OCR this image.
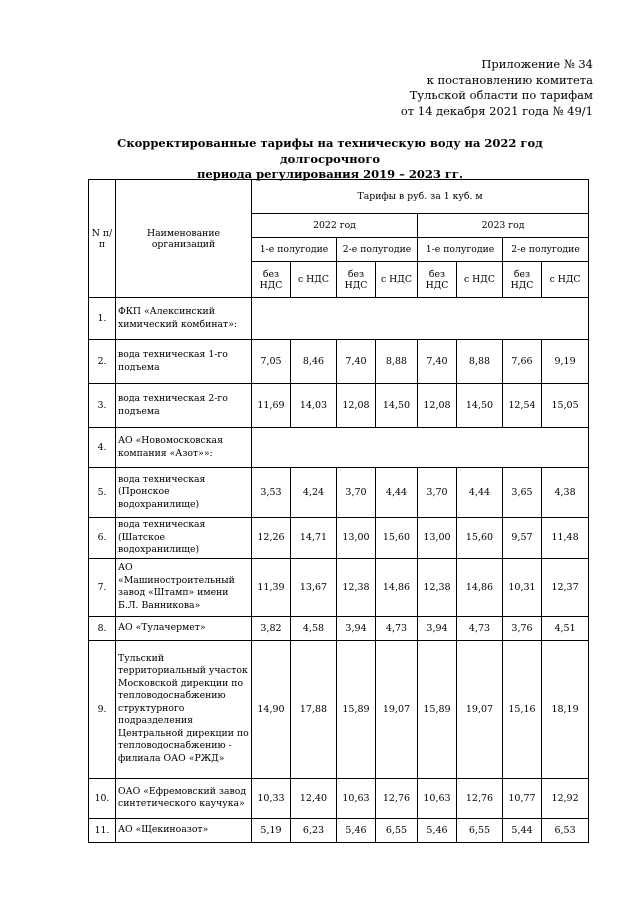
Приложение № 34
к постановлению комитета
Тульской области по тарифам
от 14 декабря 2021 года № 49/1
Скорректированные тарифы на техническую воду на 2022 год долгосрочного
периода регулирования 2019 – 2023 гг.
N п/п	Наименование организаций	Тарифы в руб. за 1 куб. м							
		2022 год				2023 год			
		1-е полугодие		2-е полугодие		1-е полугодие		2-е полугодие	
		без НДС	с НДС	без НДС	с НДС	без НДС	с НДС	без НДС	с НДС
1.	ФКП «Алексинский химический комбинат»:								
2.	вода техническая 1-го подъема	7,05	8,46	7,40	8,88	7,40	8,88	7,66	9,19
3.	вода техническая 2-го подъема	11,69	14,03	12,08	14,50	12,08	14,50	12,54	15,05
4.	АО «Новомосковская компания «Азот»»:								
5.	вода техническая (Пронское водохранилище)	3,53	4,24	3,70	4,44	3,70	4,44	3,65	4,38
6.	вода техническая (Шатское водохранилище)	12,26	14,71	13,00	15,60	13,00	15,60	9,57	11,48
7.	АО «Машиностроительный завод «Штамп» имени Б.Л. Ванникова»	11,39	13,67	12,38	14,86	12,38	14,86	10,31	12,37
8.	АО «Тулачермет»	3,82	4,58	3,94	4,73	3,94	4,73	3,76	4,51
9.	Тульский территориальный участок Московской дирекции по тепловодоснабжению структурного подразделения Центральной дирекции по тепловодоснабжению - филиала ОАО «РЖД»	14,90	17,88	15,89	19,07	15,89	19,07	15,16	18,19
10.	ОАО «Ефремовский завод синтетического каучука»	10,33	12,40	10,63	12,76	10,63	12,76	10,77	12,92
11.	АО «Щекиноазот»	5,19	6,23	5,46	6,55	5,46	6,55	5,44	6,53
